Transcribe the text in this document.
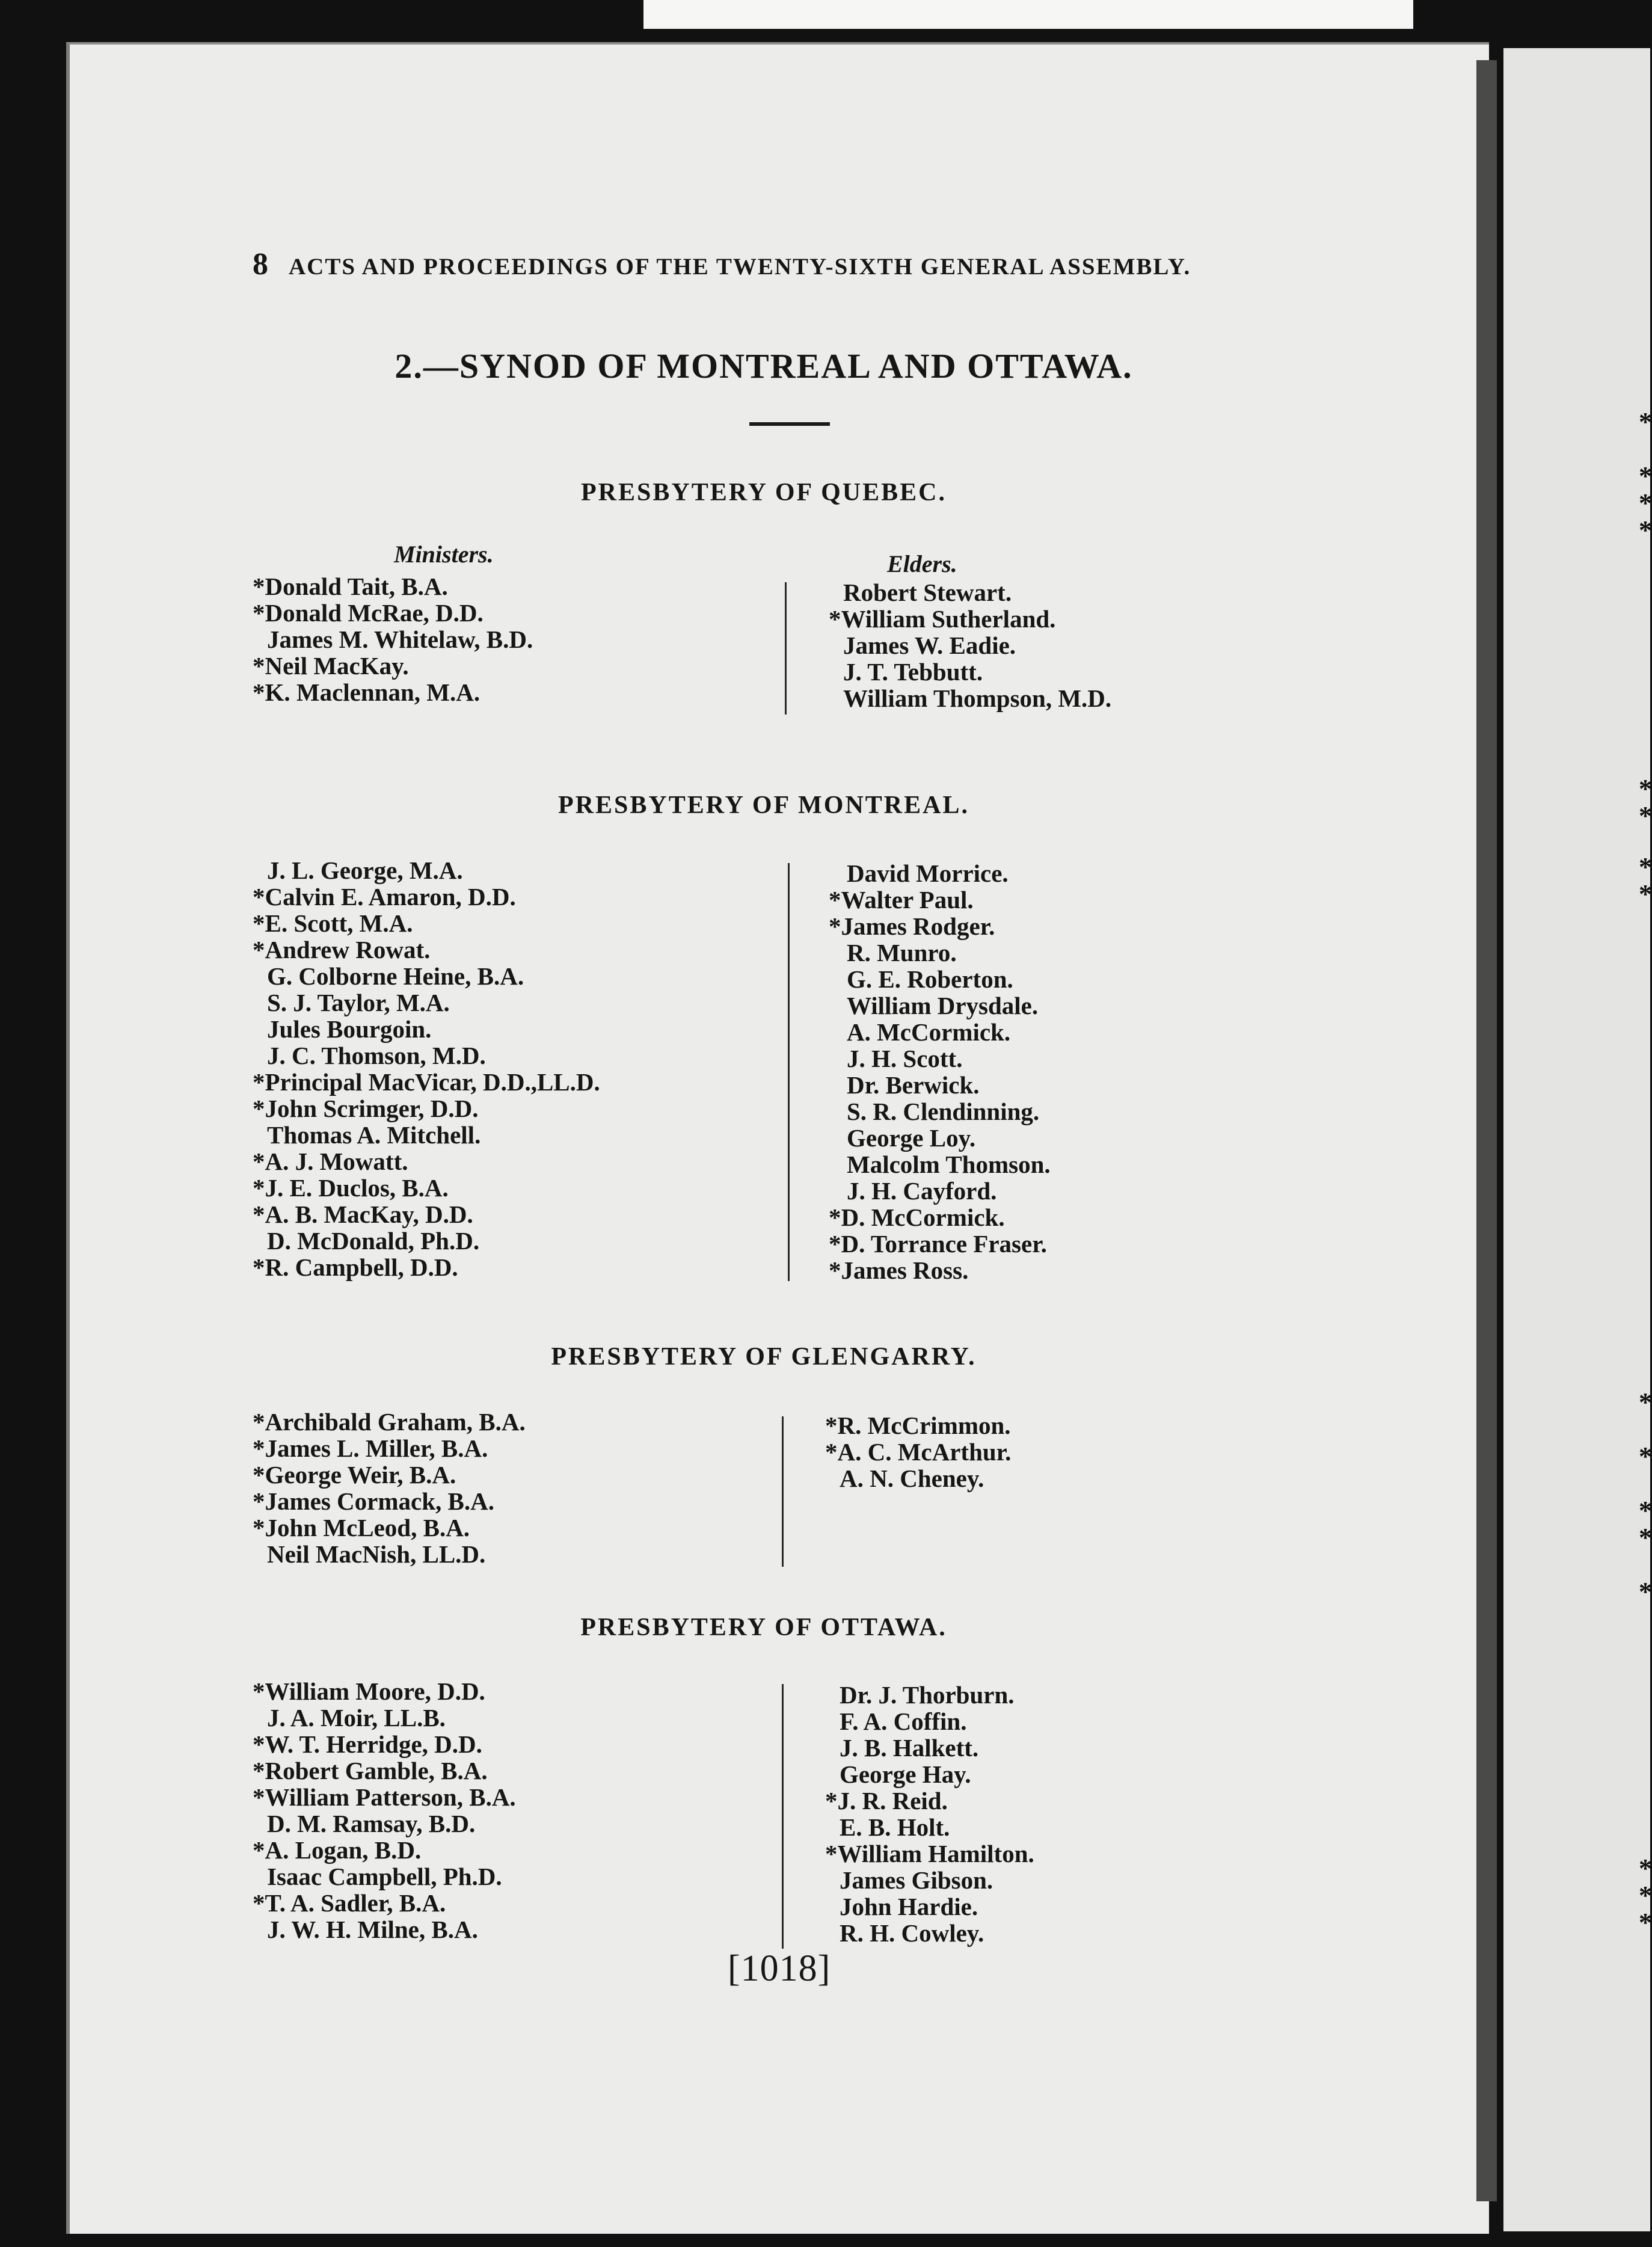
*
*
*
*
*
*
*
*
*
*
*
*
*
*
*
*
8 ACTS AND PROCEEDINGS OF THE TWENTY-SIXTH GENERAL ASSEMBLY.
2.—SYNOD OF MONTREAL AND OTTAWA.
PRESBYTERY OF QUEBEC.
Ministers.	Elders.
*Donald Tait, B.A.
*Donald McRae, D.D.
James M. Whitelaw, B.D.
*Neil MacKay.
*K. Maclennan, M.A.
Robert Stewart.
*William Sutherland.
James W. Eadie.
J. T. Tebbutt.
William Thompson, M.D.
PRESBYTERY OF MONTREAL.
J. L. George, M.A.
*Calvin E. Amaron, D.D.
*E. Scott, M.A.
*Andrew Rowat.
G. Colborne Heine, B.A.
S. J. Taylor, M.A.
Jules Bourgoin.
J. C. Thomson, M.D.
*Principal MacVicar, D.D.,LL.D.
*John Scrimger, D.D.
Thomas A. Mitchell.
*A. J. Mowatt.
*J. E. Duclos, B.A.
*A. B. MacKay, D.D.
D. McDonald, Ph.D.
*R. Campbell, D.D.
David Morrice.
*Walter Paul.
*James Rodger.
R. Munro.
G. E. Roberton.
William Drysdale.
A. McCormick.
J. H. Scott.
Dr. Berwick.
S. R. Clendinning.
George Loy.
Malcolm Thomson.
J. H. Cayford.
*D. McCormick.
*D. Torrance Fraser.
*James Ross.
PRESBYTERY OF GLENGARRY.
*Archibald Graham, B.A.
*James L. Miller, B.A.
*George Weir, B.A.
*James Cormack, B.A.
*John McLeod, B.A.
Neil MacNish, LL.D.
*R. McCrimmon.
*A. C. McArthur.
A. N. Cheney.
PRESBYTERY OF OTTAWA.
*William Moore, D.D.
J. A. Moir, LL.B.
*W. T. Herridge, D.D.
*Robert Gamble, B.A.
*William Patterson, B.A.
D. M. Ramsay, B.D.
*A. Logan, B.D.
Isaac Campbell, Ph.D.
*T. A. Sadler, B.A.
J. W. H. Milne, B.A.
Dr. J. Thorburn.
F. A. Coffin.
J. B. Halkett.
George Hay.
*J. R. Reid.
E. B. Holt.
*William Hamilton.
James Gibson.
John Hardie.
R. H. Cowley.
[1018]
